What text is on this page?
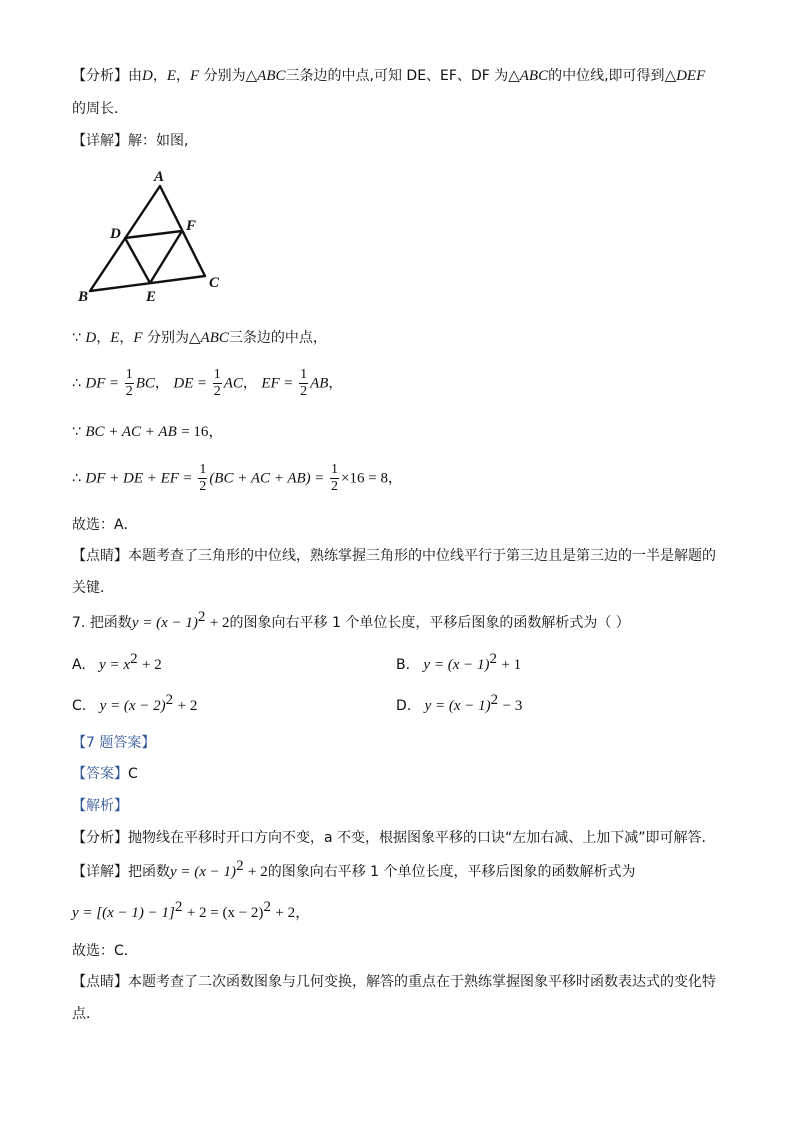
【分析】由D，E，F 分别为△ABC三条边的中点,可知 DE、EF、DF 为△ABC的中位线,即可得到△DEF
的周长．
【详解】解：如图,
A
B
C
D
E
F
∵ D，E，F 分别为△ABC三条边的中点，
∴ DF = $\frac{1}{2}$ BC， DE = $\frac{1}{2}$ AC， EF = $\frac{1}{2}$ AB，
∵ BC + AC + AB = 16，
∴ DF + DE + EF = $\frac{1}{2} (BC$ + AC + $AB) = \frac{1}{2} \times 16 = 8$，
故选：A．
【点睛】本题考查了三角形的中位线，熟练掌握三角形的中位线平行于第三边且是第三边的一半是解题的
关键．
7. 把函数$y = (x - 1)^2 + 2$的图象向右平移 1 个单位长度，平移后图象的函数解析式为（ ）
A. $y = x^2 + 2$	B. $y = (x - 1)^2 + 1$
C. $y = (x - 2)^2 + 2$	D. $y = (x - 1)^2 - 3$
【7 题答案】
【答案】C
【解析】
【分析】抛物线在平移时开口方向不变，a 不变，根据图象平移的口诀“左加右减、上加下减”即可解答．
【详解】把函数$y = (x - 1)^2 + 2$的图象向右平移 1 个单位长度，平移后图象的函数解析式为
$y = [(x - 1) - 1]^2 + 2 = (x - 2)^2 + 2$，
故选：C．
【点睛】本题考查了二次函数图象与几何变换，解答的重点在于熟练掌握图象平移时函数表达式的变化特
点．
